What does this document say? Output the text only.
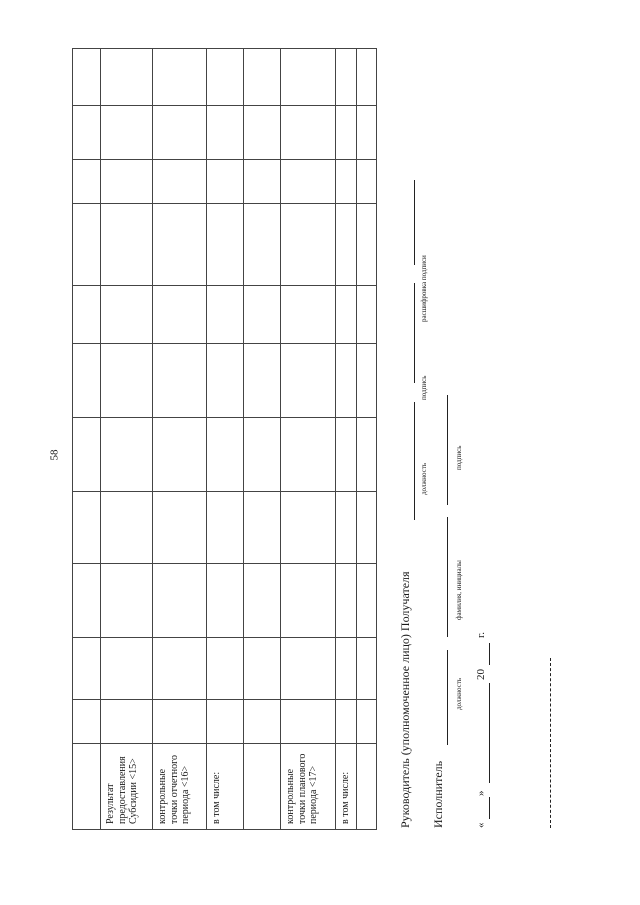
58

Результат предоставления Субсидии <15>											
контрольные точки отчетного периода <16>											
в том числе:											

контрольные точки планового периода <17>											
в том числе:											
												Руководитель (уполномоченное лицо) Получателя
должность
подпись
расшифровка подписи
Исполнитель
должность
фамилия, инициалы
подпись
«
»
20
г.
